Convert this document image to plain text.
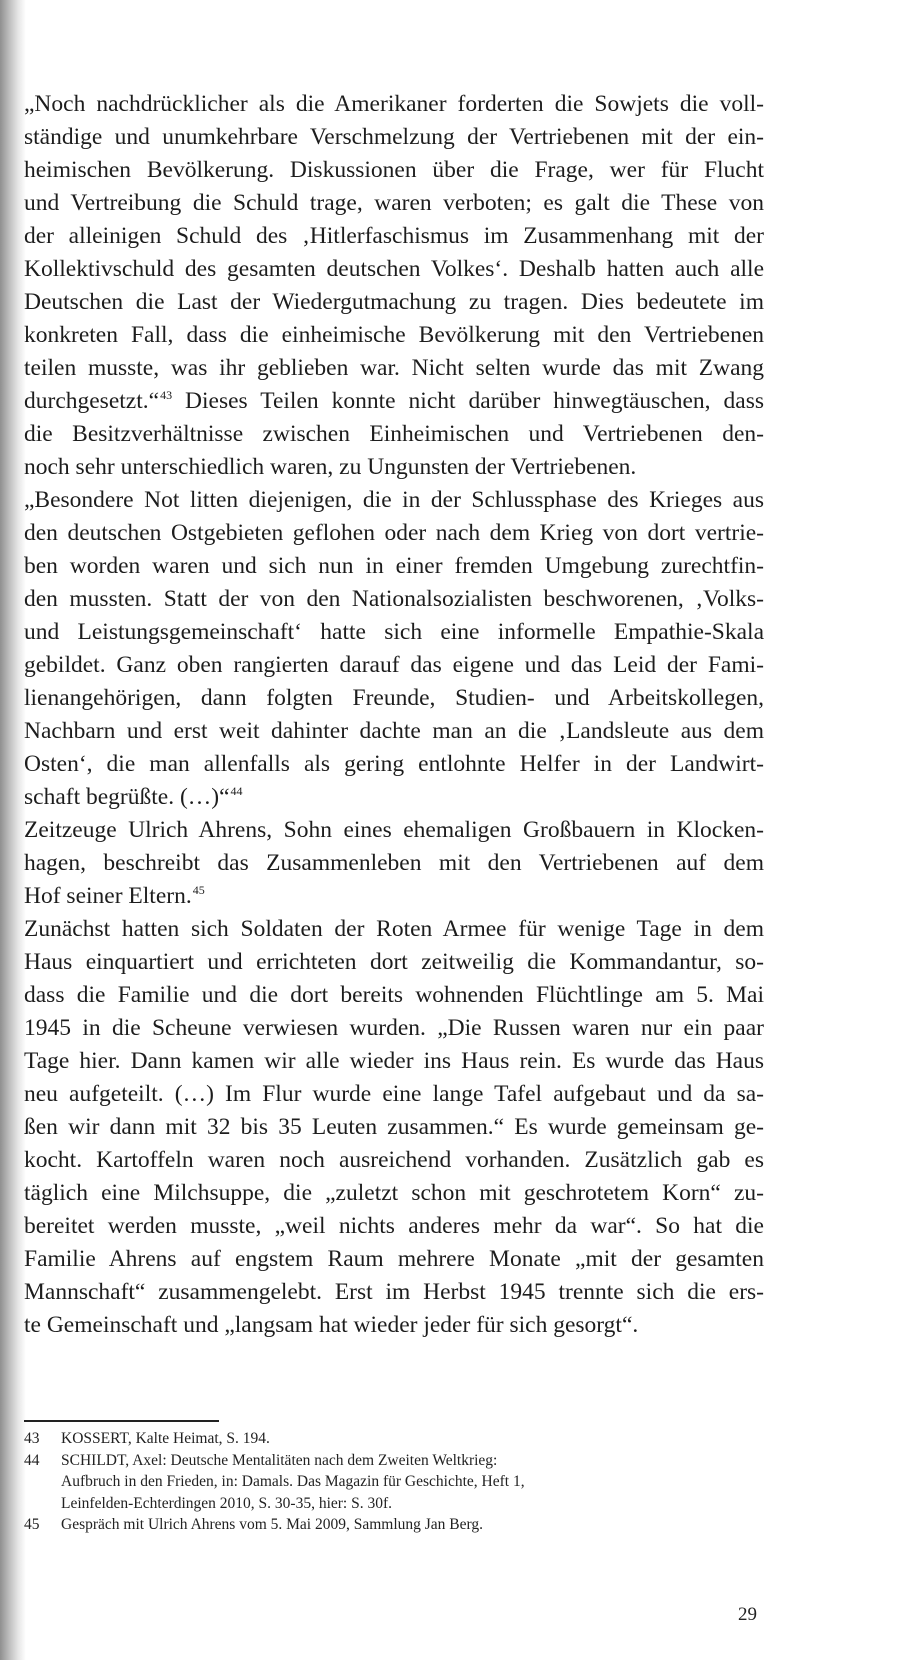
„Noch nachdrücklicher als die Amerikaner forderten die Sowjets die voll-
ständige und unumkehrbare Verschmelzung der Vertriebenen mit der ein-
heimischen Bevölkerung. Diskussionen über die Frage, wer für Flucht
und Vertreibung die Schuld trage, waren verboten; es galt die These von
der alleinigen Schuld des ‚Hitlerfaschismus im Zusammenhang mit der
Kollektivschuld des gesamten deutschen Volkes‘. Deshalb hatten auch alle
Deutschen die Last der Wiedergutmachung zu tragen. Dies bedeutete im
konkreten Fall, dass die einheimische Bevölkerung mit den Vertriebenen
teilen musste, was ihr geblieben war. Nicht selten wurde das mit Zwang
durchgesetzt.“$^{43}$ Dieses Teilen konnte nicht darüber hinwegtäuschen, dass
die Besitzverhältnisse zwischen Einheimischen und Vertriebenen den-
noch sehr unterschiedlich waren, zu Ungunsten der Vertriebenen.
„Besondere Not litten diejenigen, die in der Schlussphase des Krieges aus
den deutschen Ostgebieten geflohen oder nach dem Krieg von dort vertrie-
ben worden waren und sich nun in einer fremden Umgebung zurechtfin-
den mussten. Statt der von den Nationalsozialisten beschworenen, ‚Volks-
und Leistungsgemeinschaft‘ hatte sich eine informelle Empathie-Skala
gebildet. Ganz oben rangierten darauf das eigene und das Leid der Fami-
lienangehörigen, dann folgten Freunde, Studien- und Arbeitskollegen,
Nachbarn und erst weit dahinter dachte man an die ‚Landsleute aus dem
Osten‘, die man allenfalls als gering entlohnte Helfer in der Landwirt-
schaft begrüßte. (…)“$^{44}$
Zeitzeuge Ulrich Ahrens, Sohn eines ehemaligen Großbauern in Klocken-
hagen, beschreibt das Zusammenleben mit den Vertriebenen auf dem
Hof seiner Eltern.$^{45}$
Zunächst hatten sich Soldaten der Roten Armee für wenige Tage in dem
Haus einquartiert und errichteten dort zeitweilig die Kommandantur, so-
dass die Familie und die dort bereits wohnenden Flüchtlinge am 5. Mai
1945 in die Scheune verwiesen wurden. „Die Russen waren nur ein paar
Tage hier. Dann kamen wir alle wieder ins Haus rein. Es wurde das Haus
neu aufgeteilt. (…) Im Flur wurde eine lange Tafel aufgebaut und da sa-
ßen wir dann mit 32 bis 35 Leuten zusammen.“ Es wurde gemeinsam ge-
kocht. Kartoffeln waren noch ausreichend vorhanden. Zusätzlich gab es
täglich eine Milchsuppe, die „zuletzt schon mit geschrotetem Korn“ zu-
bereitet werden musste, „weil nichts anderes mehr da war“. So hat die
Familie Ahrens auf engstem Raum mehrere Monate „mit der gesamten
Mannschaft“ zusammengelebt. Erst im Herbst 1945 trennte sich die ers-
te Gemeinschaft und „langsam hat wieder jeder für sich gesorgt“.
43	KOSSERT, Kalte Heimat, S. 194.
44	SCHILDT, Axel: Deutsche Mentalitäten nach dem Zweiten Weltkrieg:
Aufbruch in den Frieden, in: Damals. Das Magazin für Geschichte, Heft 1,
Leinfelden-Echterdingen 2010, S. 30-35, hier: S. 30f.
45	Gespräch mit Ulrich Ahrens vom 5. Mai 2009, Sammlung Jan Berg.
29
